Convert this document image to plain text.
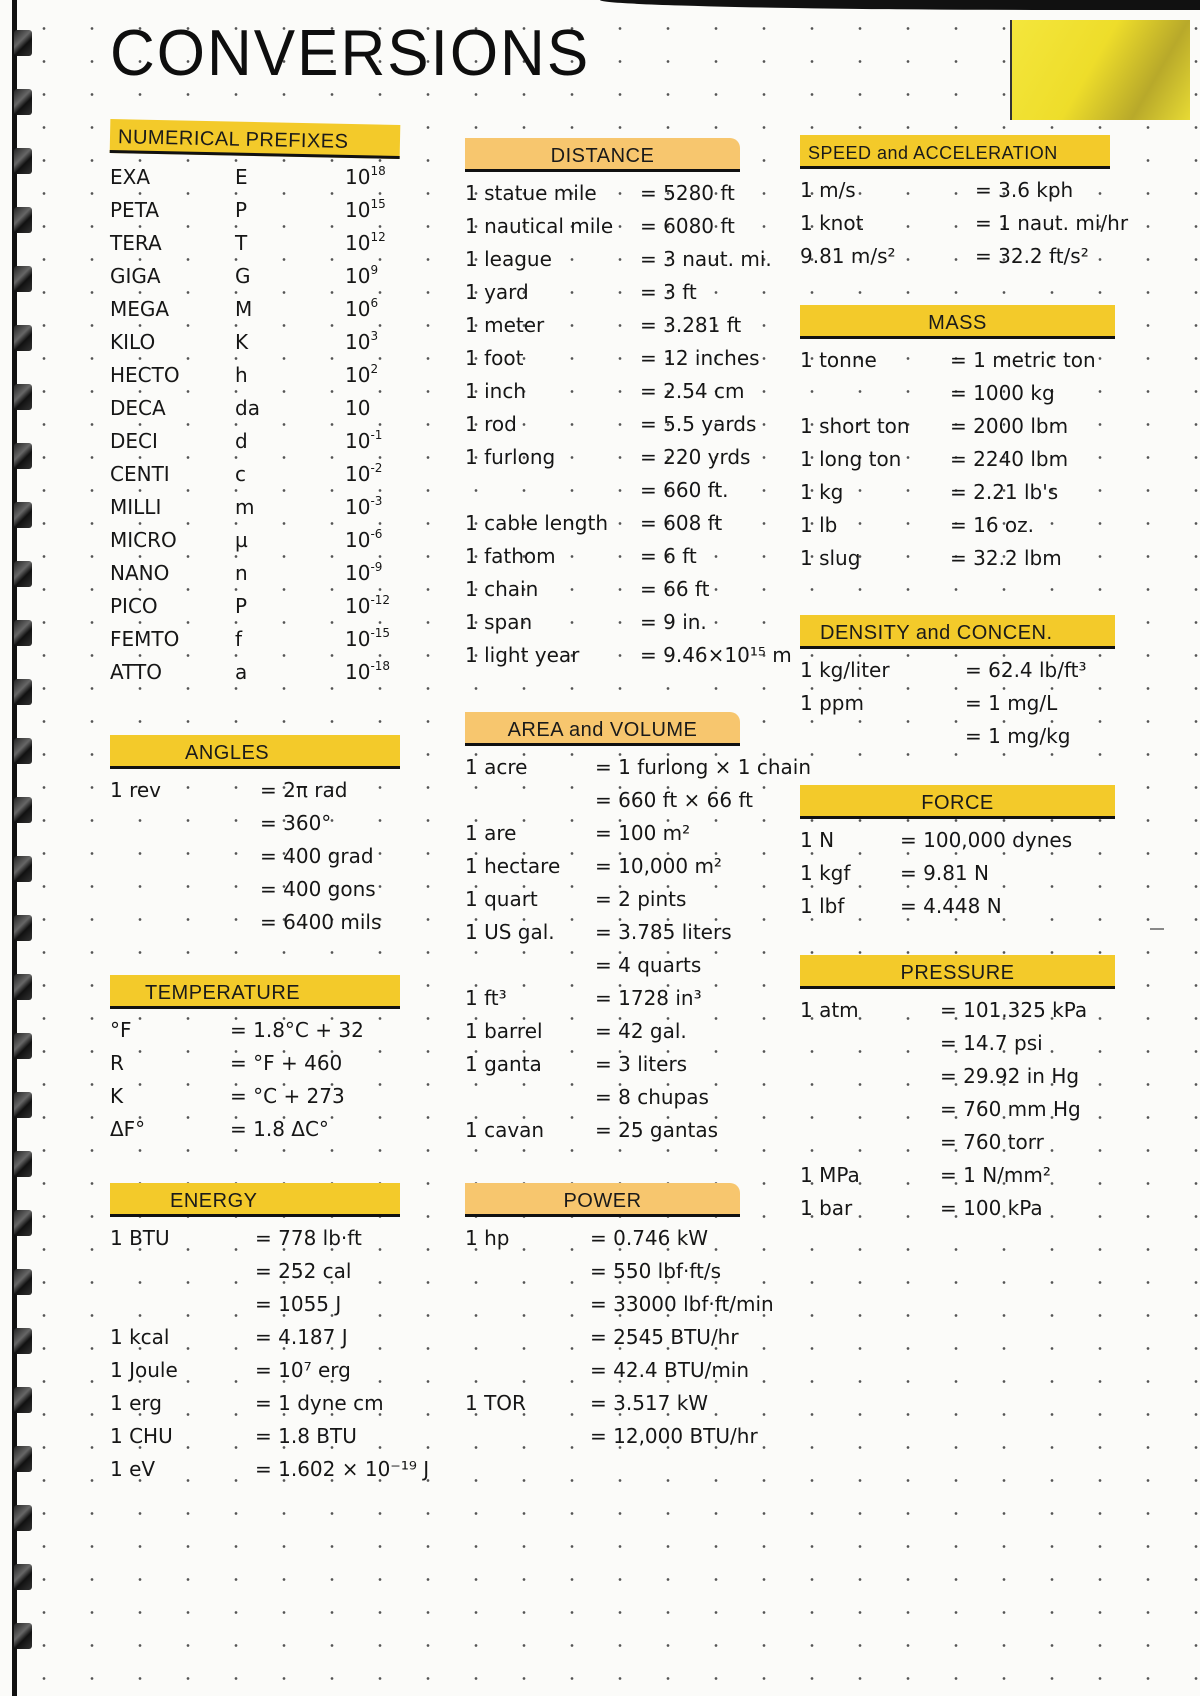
CONVERSIONS
NUMERICAL PREFIXES
EXA	E	$10^{18}$
PETA	P	$10^{15}$
TERA	T	$10^{12}$
GIGA	G	$10^9$
MEGA	M	$10^6$
KILO	K	$10^3$
HECTO	h	$10^2$
DECA	da	10
DECI	d	$10^{-1}$
CENTI	c	$10^{-2}$
MILLI	m	$10^{-3}$
MICRO	µ	$10^{-6}$
NANO	n	$10^{-9}$
PICO	P	$10^{-12}$
FEMTO	f	$10^{-15}$
ATTO	a	$10^{-18}$
ANGLES
1 rev	= 2π rad
= 360°
= 400 grad
= 400 gons
= 6400 mils
TEMPERATURE
°F	= 1.8°C + 32
R	= °F + 460
K	= °C + 273
ΔF°	= 1.8 ΔC°
ENERGY
1 BTU	= 778 lb·ft
= 252 cal
= 1055 J
1 kcal	= 4.187 J
1 Joule	= 10⁷ erg
1 erg	= 1 dyne cm
1 CHU	= 1.8 BTU
1 eV	= 1.602 × 10⁻¹⁹ J
DISTANCE
1 statue mile	= 5280 ft
1 nautical mile	= 6080 ft
1 league	= 3 naut. mi.
1 yard	= 3 ft
1 meter	= 3.281 ft
1 foot	= 12 inches
1 inch	= 2.54 cm
1 rod	= 5.5 yards
1 furlong	= 220 yrds
= 660 ft.
1 cable length	= 608 ft
1 fathom	= 6 ft
1 chain	= 66 ft
1 span	= 9 in.
1 light year	= 9.46×10¹⁵ m
AREA and VOLUME
1 acre	= 1 furlong × 1 chain
= 660 ft × 66 ft
1 are	= 100 m²
1 hectare	= 10,000 m²
1 quart	= 2 pints
1 US gal.	= 3.785 liters
= 4 quarts
1 ft³	= 1728 in³
1 barrel	= 42 gal.
1 ganta	= 3 liters
= 8 chupas
1 cavan	= 25 gantas
POWER
1 hp	= 0.746 kW
= 550 lbf·ft/s
= 33000 lbf·ft/min
= 2545 BTU/hr
= 42.4 BTU/min
1 TOR	= 3.517 kW
= 12,000 BTU/hr
SPEED and ACCELERATION
1 m/s	= 3.6 kph
1 knot	= 1 naut. mi/hr
9.81 m/s²	= 32.2 ft/s²
MASS
1 tonne	= 1 metric ton
= 1000 kg
1 short ton	= 2000 lbm
1 long ton	= 2240 lbm
1 kg	= 2.21 lb's
1 lb	= 16 oz.
1 slug	= 32.2 lbm
DENSITY and CONCEN.
1 kg/liter	= 62.4 lb/ft³
1 ppm	= 1 mg/L
= 1 mg/kg
FORCE
1 N	= 100,000 dynes
1 kgf	= 9.81 N
1 lbf	= 4.448 N
PRESSURE
1 atm	= 101.325 kPa
= 14.7 psi
= 29.92 in Hg
= 760 mm Hg
= 760 torr
1 MPa	= 1 N/mm²
1 bar	= 100 kPa
